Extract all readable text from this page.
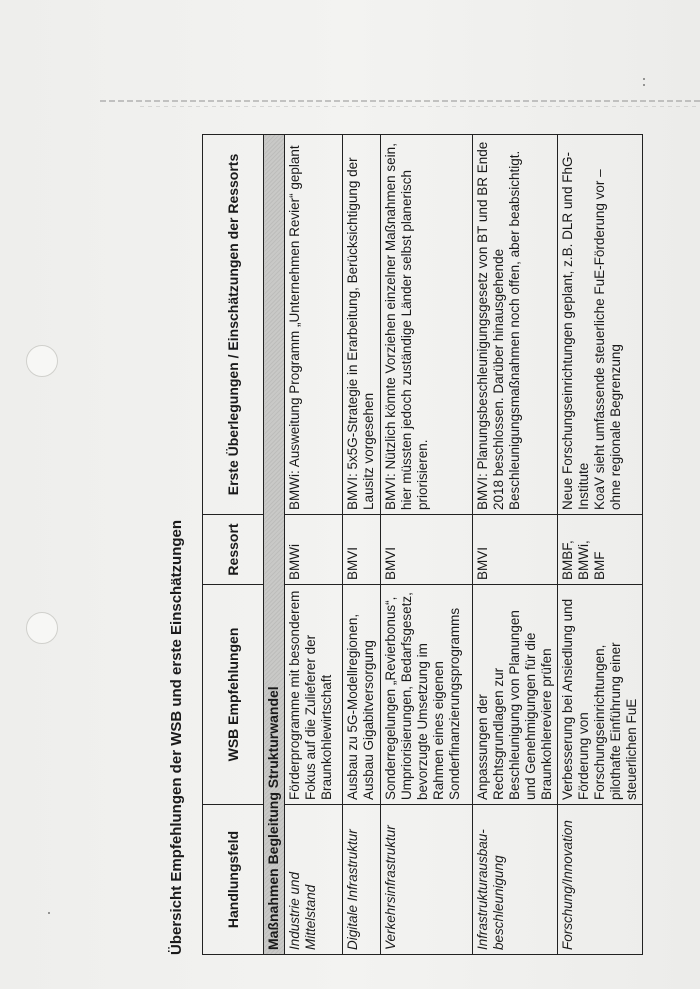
Übersicht Empfehlungen der WSB und erste Einschätzungen	Handlungsfeld	WSB Empfehlungen	Ressort	Erste Überlegungen / Einschätzungen der Ressorts
Maßnahmen Begleitung Strukturwandel			
Industrie und Mittelstand	Förderprogramme mit besonderem Fokus auf die Zulieferer der Braunkohlewirtschaft	BMWi	BMWi: Ausweitung Programm „Unternehmen Revier“ geplant
Digitale Infrastruktur	Ausbau zu 5G-Modellregionen, Ausbau Gigabitversorgung	BMVI	BMVI: 5x5G-Strategie in Erarbeitung, Berücksichtigung der Lausitz vorgesehen
Verkehrsinfrastruktur	Sonderregelungen „Revierbonus“, Umpriorisierungen, Bedarfsgesetz, bevorzugte Umsetzung im Rahmen eines eigenen Sonderfinanzierungsprogramms	BMVI	BMVI: Nützlich könnte Vorziehen einzelner Maßnahmen sein, hier müssten jedoch zuständige Länder selbst planerisch priorisieren.
Infrastrukturausbau-
beschleunigung	Anpassungen der Rechtsgrundlagen zur Beschleunigung von Planungen und Genehmigungen für die Braunkohlereviere prüfen	BMVI	BMVI: Planungsbeschleunigungsgesetz von BT und BR Ende 2018 beschlossen. Darüber hinausgehende Beschleunigungsmaßnahmen noch offen, aber beabsichtigt.
Forschung/Innovation	Verbesserung bei Ansiedlung und Förderung von Forschungseinrichtungen, pilothafte Einführung einer steuerlichen FuE	BMBF,
BMWi,
BMF	Neue Forschungseinrichtungen geplant, z.B. DLR und FhG-Institute
KoaV sieht umfassende steuerliche FuE-Förderung vor – ohne regionale Begrenzung
